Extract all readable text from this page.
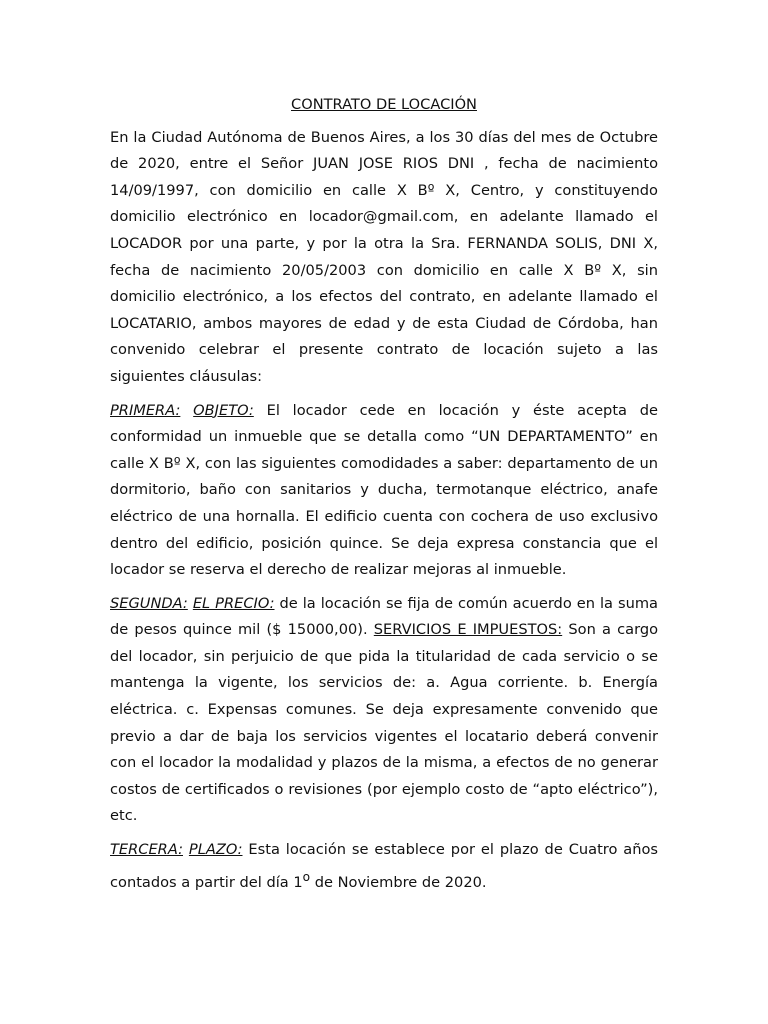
CONTRATO DE LOCACIÓN

En la Ciudad Autónoma de Buenos Aires, a los 30 días del mes de Octubre de 2020, entre el Señor JUAN JOSE RIOS DNI , fecha de nacimiento 14/09/1997, con domicilio en calle X Bº X, Centro, y constituyendo domicilio electrónico en locador@gmail.com, en adelante llamado el LOCADOR por una parte, y por la otra la Sra. FERNANDA SOLIS, DNI X, fecha de nacimiento 20/05/2003 con domicilio en calle X Bº X, sin domicilio electrónico, a los efectos del contrato, en adelante llamado el LOCATARIO, ambos mayores de edad y de esta Ciudad de Córdoba, han convenido celebrar el presente contrato de locación sujeto a las siguientes cláusulas:

PRIMERA: OBJETO: El locador cede en locación y éste acepta de conformidad un inmueble que se detalla como “UN DEPARTAMENTO” en calle X Bº X, con las siguientes comodidades a saber: departamento de un dormitorio, baño con sanitarios y ducha, termotanque eléctrico, anafe eléctrico de una hornalla. El edificio cuenta con cochera de uso exclusivo dentro del edificio, posición quince. Se deja expresa constancia que el locador se reserva el derecho de realizar mejoras al inmueble.

SEGUNDA: EL PRECIO: de la locación se fija de común acuerdo en la suma de pesos quince mil ($ 15000,00). SERVICIOS E IMPUESTOS: Son a cargo del locador, sin perjuicio de que pida la titularidad de cada servicio o se mantenga la vigente, los servicios de: a. Agua corriente. b. Energía eléctrica. c. Expensas comunes. Se deja expresamente convenido que previo a dar de baja los servicios vigentes el locatario deberá convenir con el locador la modalidad y plazos de la misma, a efectos de no generar costos de certificados o revisiones (por ejemplo costo de “apto eléctrico”), etc.

TERCERA: PLAZO: Esta locación se establece por el plazo de Cuatro años contados a partir del día 1$^o$ de Noviembre de 2020.
